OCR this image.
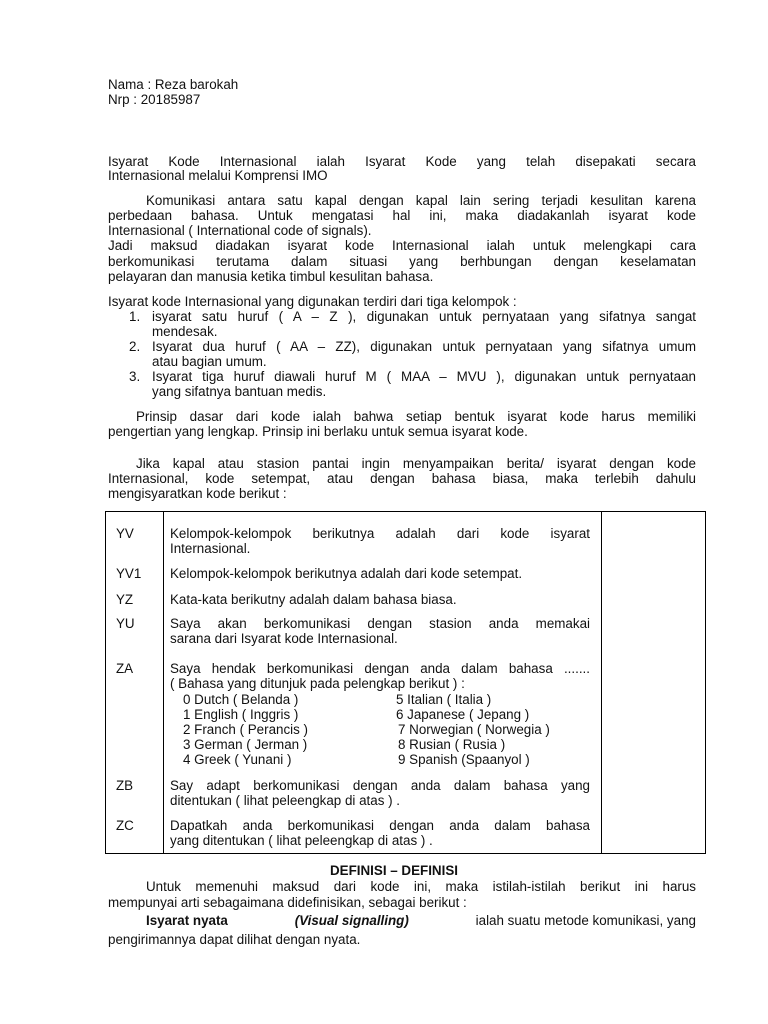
Nama : Reza barokah
Nrp : 20185987
Isyarat Kode Internasional ialah Isyarat Kode yang telah disepakati secara
Internasional melalui Komprensi IMO
Komunikasi antara satu kapal dengan kapal lain sering terjadi kesulitan karena
perbedaan bahasa. Untuk mengatasi hal ini, maka diadakanlah isyarat kode
Internasional ( International code of signals).
Jadi maksud diadakan isyarat kode Internasional ialah untuk melengkapi cara
berkomunikasi terutama dalam situasi yang berhbungan dengan keselamatan
pelayaran dan manusia ketika timbul kesulitan bahasa.
Isyarat kode Internasional yang digunakan terdiri dari tiga kelompok :
1. isyarat satu huruf ( A – Z ), digunakan untuk pernyataan yang sifatnya sangat
mendesak.
2. Isyarat dua huruf ( AA – ZZ), digunakan untuk pernyataan yang sifatnya umum
atau bagian umum.
3. Isyarat tiga huruf diawali huruf M ( MAA – MVU ), digunakan untuk pernyataan
yang sifatnya bantuan medis.
Prinsip dasar dari kode ialah bahwa setiap bentuk isyarat kode harus memiliki
pengertian yang lengkap. Prinsip ini berlaku untuk semua isyarat kode.
Jika kapal atau stasion pantai ingin menyampaikan berita/ isyarat dengan kode
Internasional, kode setempat, atau dengan bahasa biasa, maka terlebih dahulu
mengisyaratkan kode berikut :

YV	Kelompok-kelompok berikutnya adalah dari kode isyarat
Internasional.
YV1 Kelompok-kelompok berikutnya adalah dari kode setempat.
YZ	Kata-kata berikutny adalah dalam bahasa biasa.
YU	Saya akan berkomunikasi dengan stasion anda memakai
sarana dari Isyarat kode Internasional.
ZA	Saya hendak berkomunikasi dengan anda dalam bahasa .......
( Bahasa yang ditunjuk pada pelengkap berikut ) :
0 Dutch ( Belanda )
1 English ( Inggris )
2 Franch ( Perancis )
3 German ( Jerman )
4 Greek ( Yunani )
5 Italian ( Italia )
6 Japanese ( Jepang )
7 Norwegian ( Norwegia )
8 Rusian ( Rusia )
9 Spanish (Spaanyol )
ZB	Say adapt berkomunikasi dengan anda dalam bahasa yang
ditentukan ( lihat peleengkap di atas ) .
ZC	Dapatkah anda berkomunikasi dengan anda dalam bahasa
yang ditentukan ( lihat peleengkap di atas ) .
DEFINISI – DEFINISI
Untuk memenuhi maksud dari kode ini, maka istilah-istilah berikut ini harus
mempunyai arti sebagaimana didefinisikan, sebagai berikut :
Isyarat nyata	(Visual signalling)	ialah suatu metode komunikasi, yang
pengirimannya dapat dilihat dengan nyata.
